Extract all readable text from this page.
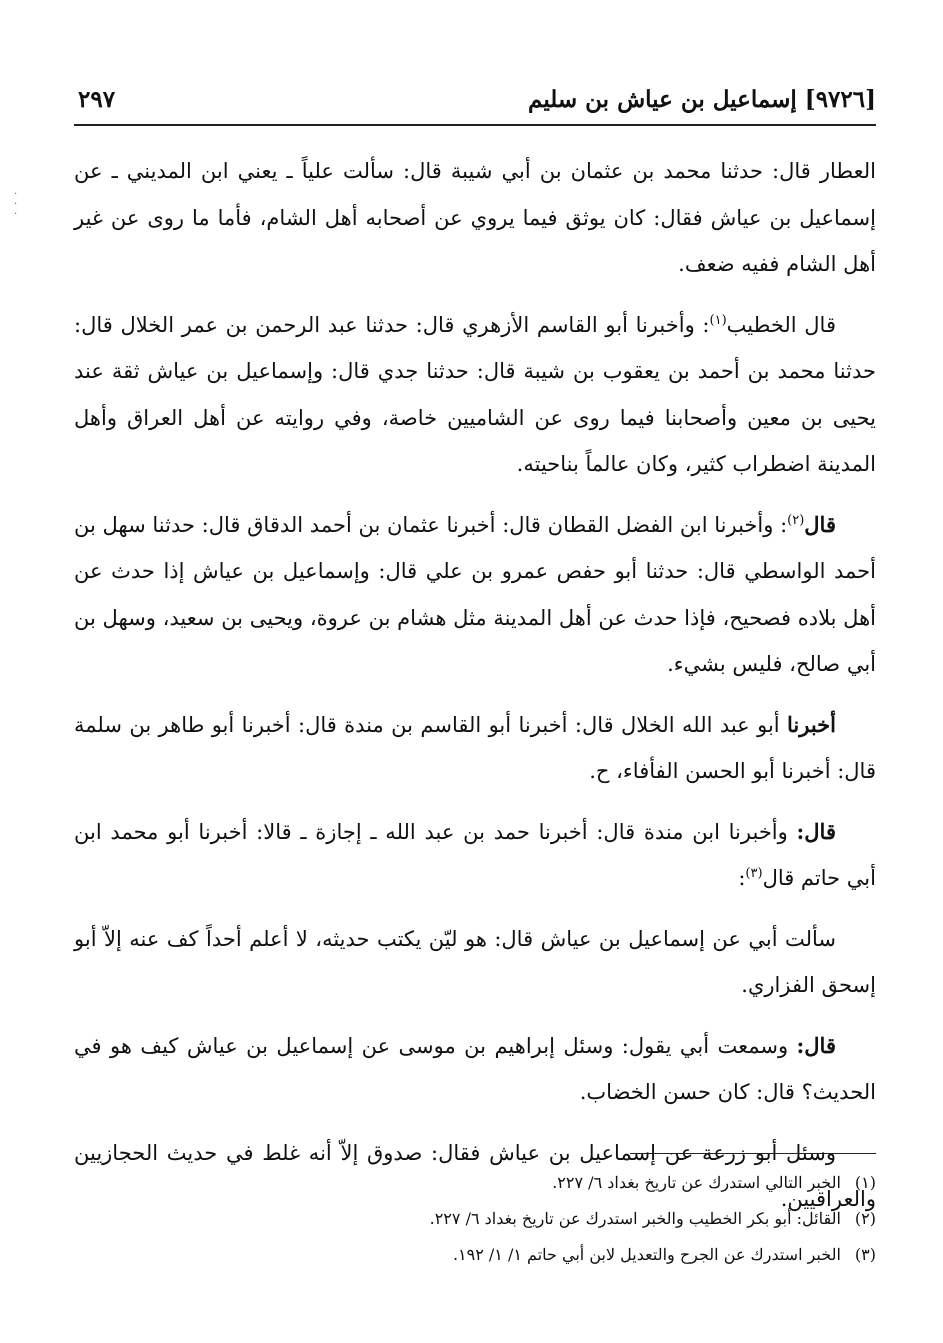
[٩٧٢٦] إسماعيل بن عياش بن سليم
٢٩٧
·
·
·

العطار قال: حدثنا محمد بن عثمان بن أبي شيبة قال: سألت علياً ـ يعني ابن المديني ـ عن إسماعيل بن عياش فقال: كان يوثق فيما يروي عن أصحابه أهل الشام، فأما ما روى عن غير أهل الشام ففيه ضعف.

قال الخطيب$^{(١)}$: وأخبرنا أبو القاسم الأزهري قال: حدثنا عبد الرحمن بن عمر الخلال قال: حدثنا محمد بن أحمد بن يعقوب بن شيبة قال: حدثنا جدي قال: وإسماعيل بن عياش ثقة عند يحيى بن معين وأصحابنا فيما روى عن الشاميين خاصة، وفي روايته عن أهل العراق وأهل المدينة اضطراب كثير، وكان عالماً بناحيته.

قال$^{(٢)}$: وأخبرنا ابن الفضل القطان قال: أخبرنا عثمان بن أحمد الدقاق قال: حدثنا سهل بن أحمد الواسطي قال: حدثنا أبو حفص عمرو بن علي قال: وإسماعيل بن عياش إذا حدث عن أهل بلاده فصحيح، فإذا حدث عن أهل المدينة مثل هشام بن عروة، ويحيى بن سعيد، وسهل بن أبي صالح، فليس بشيء.

أخبرنا أبو عبد الله الخلال قال: أخبرنا أبو القاسم بن مندة قال: أخبرنا أبو طاهر بن سلمة قال: أخبرنا أبو الحسن الفأفاء، ح.

قال: وأخبرنا ابن مندة قال: أخبرنا حمد بن عبد الله ـ إجازة ـ قالا: أخبرنا أبو محمد ابن أبي حاتم قال$^{(٣)}$:

سألت أبي عن إسماعيل بن عياش قال: هو ليّن يكتب حديثه، لا أعلم أحداً كف عنه إلاّ أبو إسحق الفزاري.

قال: وسمعت أبي يقول: وسئل إبراهيم بن موسى عن إسماعيل بن عياش كيف هو في الحديث؟ قال: كان حسن الخضاب.

وسئل أبو زرعة عن إسماعيل بن عياش فقال: صدوق إلاّ أنه غلط في حديث الحجازيين والعراقيين.

(١)الخبر التالي استدرك عن تاريخ بغداد ٦/ ٢٢٧.
(٢)القائل: أبو بكر الخطيب والخبر استدرك عن تاريخ بغداد ٦/ ٢٢٧.
(٣)الخبر استدرك عن الجرح والتعديل لابن أبي حاتم ١/ ١/ ١٩٢.
